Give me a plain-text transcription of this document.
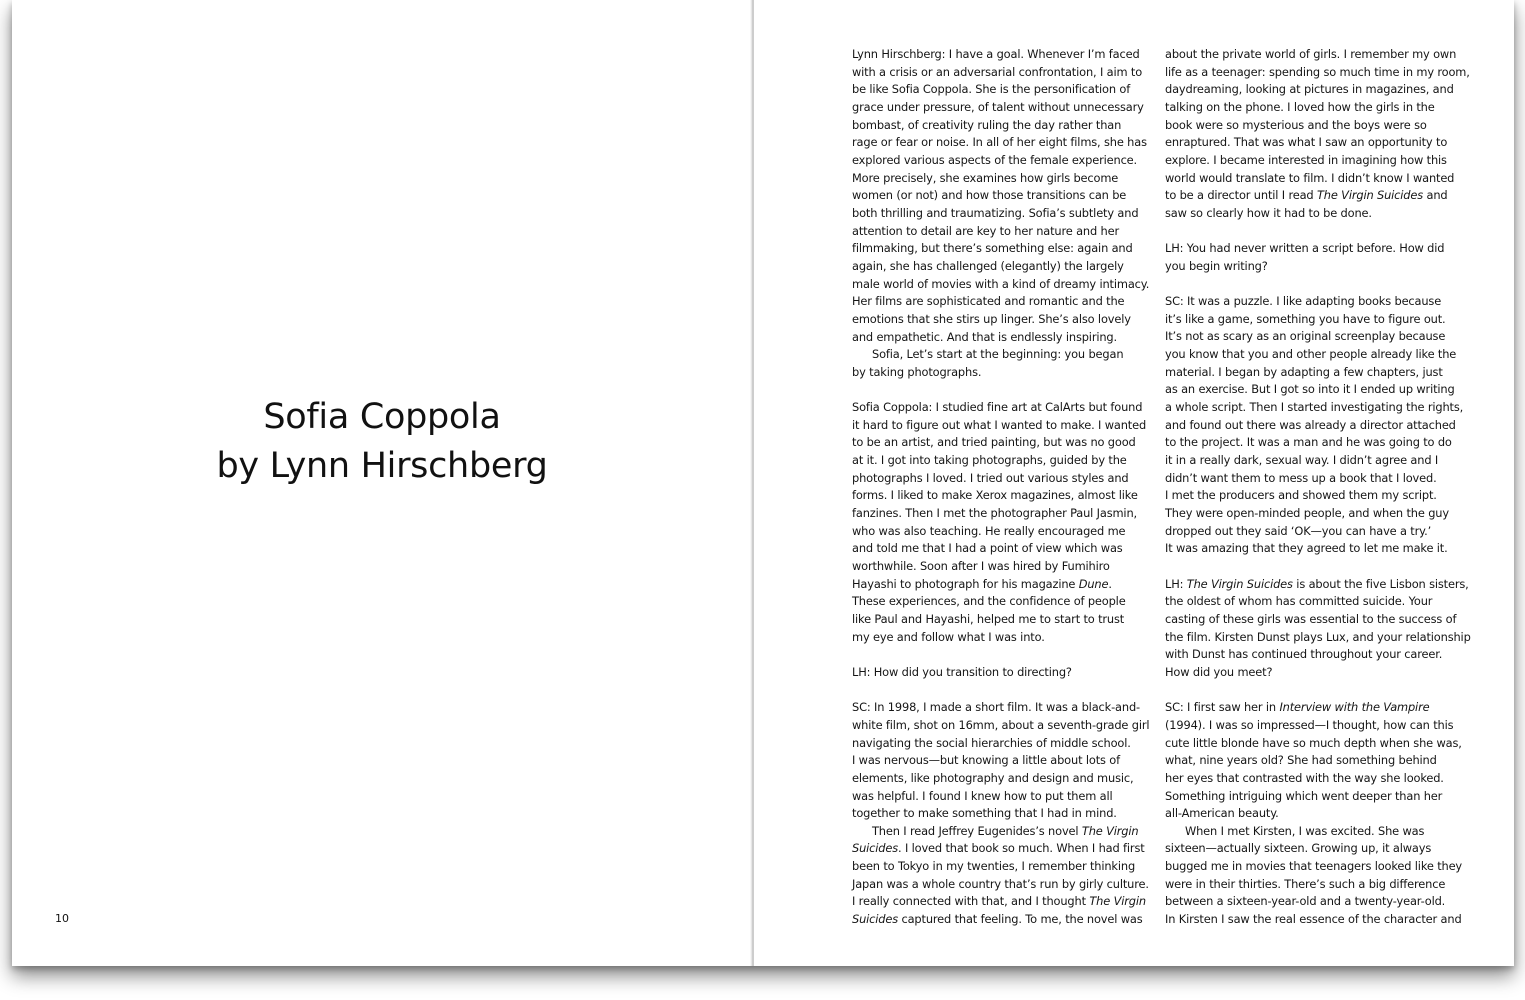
Sofia Coppola
by Lynn Hirschberg
10
Lynn Hirschberg: I have a goal. Whenever I’m faced
with a crisis or an adversarial confrontation, I aim to
be like Sofia Coppola. She is the personification of
grace under pressure, of talent without unnecessary
bombast, of creativity ruling the day rather than
rage or fear or noise. In all of her eight films, she has
explored various aspects of the female experience.
More precisely, she examines how girls become
women (or not) and how those transitions can be
both thrilling and traumatizing. Sofia’s subtlety and
attention to detail are key to her nature and her
filmmaking, but there’s something else: again and
again, she has challenged (elegantly) the largely
male world of movies with a kind of dreamy intimacy.
Her films are sophisticated and romantic and the
emotions that she stirs up linger. She’s also lovely
and empathetic. And that is endlessly inspiring.
Sofia, Let’s start at the beginning: you began
by taking photographs.
Sofia Coppola: I studied fine art at CalArts but found
it hard to figure out what I wanted to make. I wanted
to be an artist, and tried painting, but was no good
at it. I got into taking photographs, guided by the
photographs I loved. I tried out various styles and
forms. I liked to make Xerox magazines, almost like
fanzines. Then I met the photographer Paul Jasmin,
who was also teaching. He really encouraged me
and told me that I had a point of view which was
worthwhile. Soon after I was hired by Fumihiro
Hayashi to photograph for his magazine Dune.
These experiences, and the confidence of people
like Paul and Hayashi, helped me to start to trust
my eye and follow what I was into.
LH: How did you transition to directing?
SC: In 1998, I made a short film. It was a black-and-
white film, shot on 16mm, about a seventh-grade girl
navigating the social hierarchies of middle school.
I was nervous—but knowing a little about lots of
elements, like photography and design and music,
was helpful. I found I knew how to put them all
together to make something that I had in mind.
Then I read Jeffrey Eugenides’s novel The Virgin
Suicides. I loved that book so much. When I had first
been to Tokyo in my twenties, I remember thinking
Japan was a whole country that’s run by girly culture.
I really connected with that, and I thought The Virgin
Suicides captured that feeling. To me, the novel was
about the private world of girls. I remember my own
life as a teenager: spending so much time in my room,
daydreaming, looking at pictures in magazines, and
talking on the phone. I loved how the girls in the
book were so mysterious and the boys were so
enraptured. That was what I saw an opportunity to
explore. I became interested in imagining how this
world would translate to film. I didn’t know I wanted
to be a director until I read The Virgin Suicides and
saw so clearly how it had to be done.
LH: You had never written a script before. How did
you begin writing?
SC: It was a puzzle. I like adapting books because
it’s like a game, something you have to figure out.
It’s not as scary as an original screenplay because
you know that you and other people already like the
material. I began by adapting a few chapters, just
as an exercise. But I got so into it I ended up writing
a whole script. Then I started investigating the rights,
and found out there was already a director attached
to the project. It was a man and he was going to do
it in a really dark, sexual way. I didn’t agree and I
didn’t want them to mess up a book that I loved.
I met the producers and showed them my script.
They were open-minded people, and when the guy
dropped out they said ‘OK—you can have a try.’
It was amazing that they agreed to let me make it.
LH: The Virgin Suicides is about the five Lisbon sisters,
the oldest of whom has committed suicide. Your
casting of these girls was essential to the success of
the film. Kirsten Dunst plays Lux, and your relationship
with Dunst has continued throughout your career.
How did you meet?
SC: I first saw her in Interview with the Vampire
(1994). I was so impressed—I thought, how can this
cute little blonde have so much depth when she was,
what, nine years old? She had something behind
her eyes that contrasted with the way she looked.
Something intriguing which went deeper than her
all-American beauty.
When I met Kirsten, I was excited. She was
sixteen—actually sixteen. Growing up, it always
bugged me in movies that teenagers looked like they
were in their thirties. There’s such a big difference
between a sixteen-year-old and a twenty-year-old.
In Kirsten I saw the real essence of the character and
